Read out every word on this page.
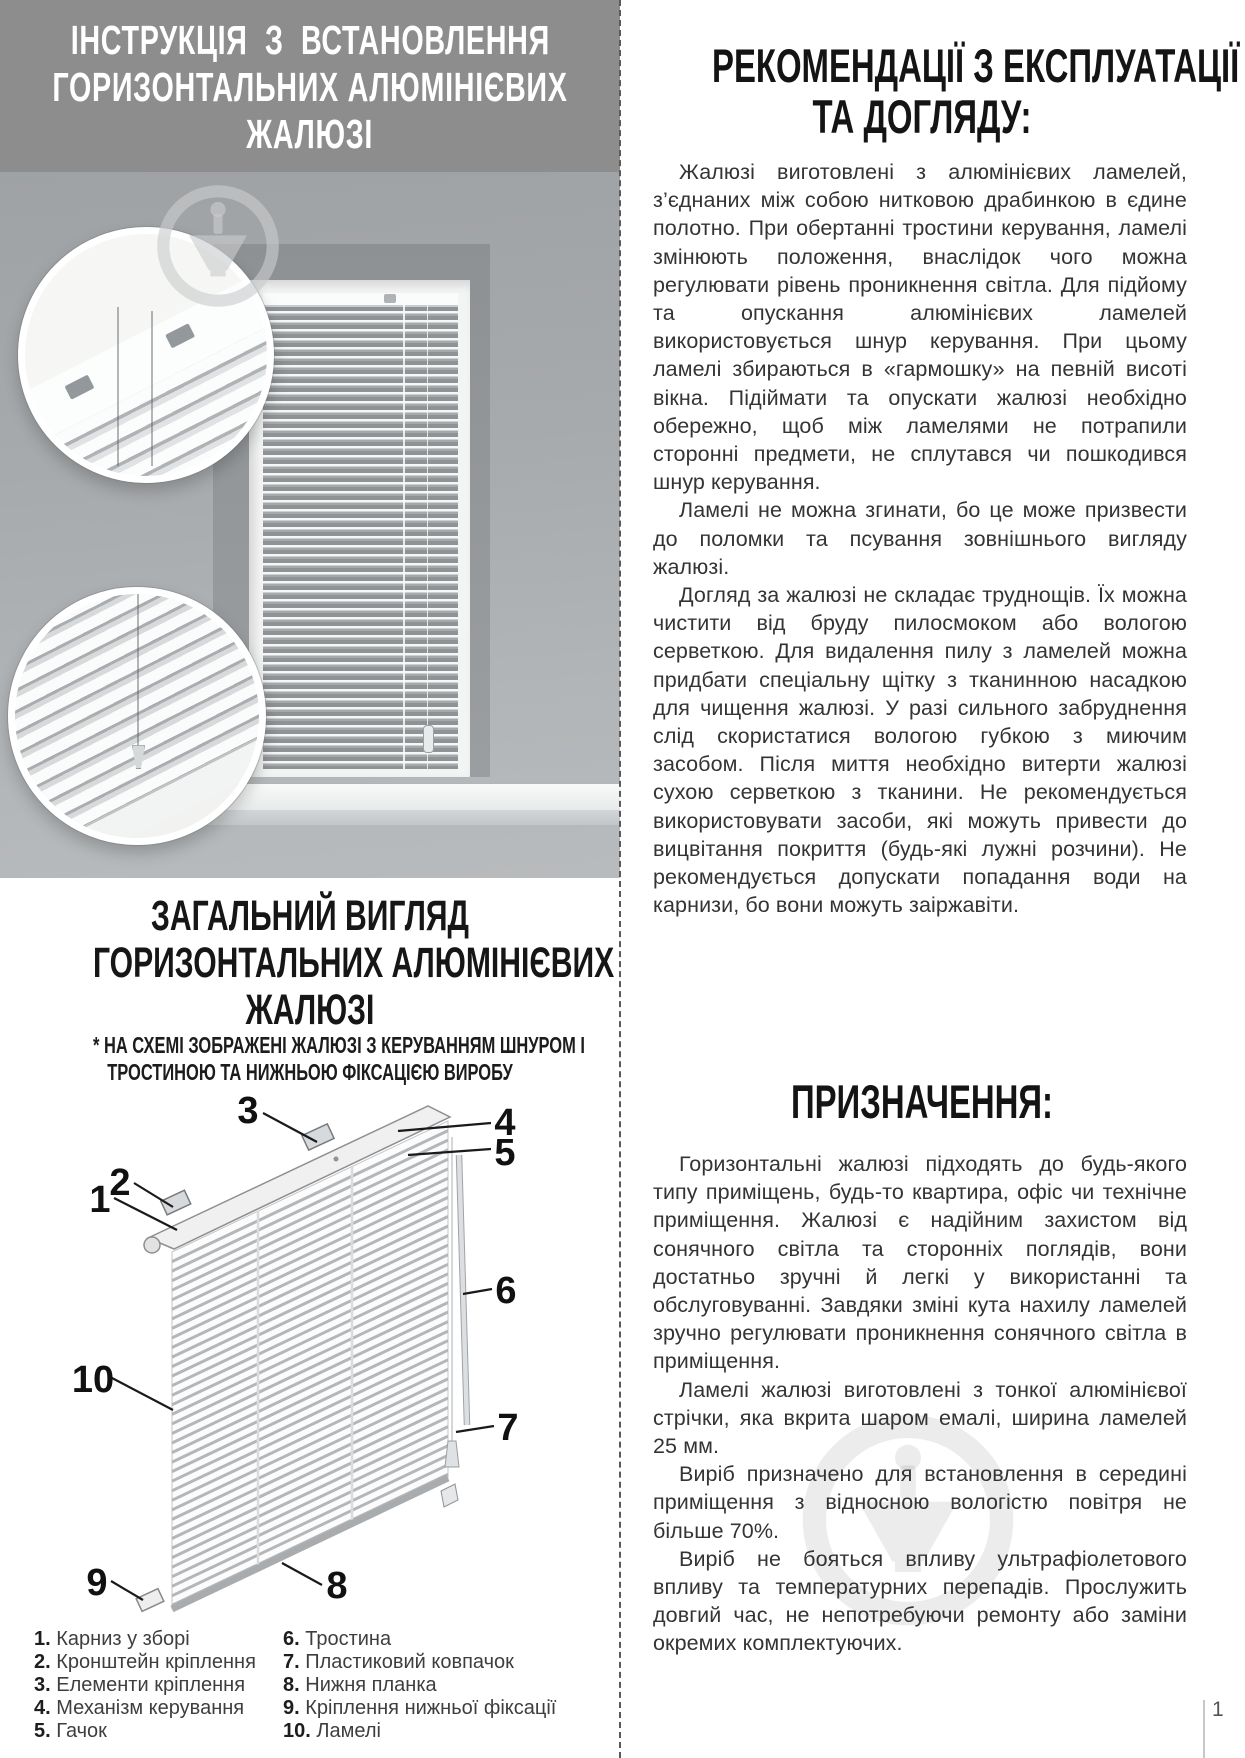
ІНСТРУКЦІЯ  З  ВСТАНОВЛЕННЯ
ГОРИЗОНТАЛЬНИХ АЛЮМІНІЄВИХ
ЖАЛЮЗІ
ЗАГАЛЬНИЙ ВИГЛЯД
ГОРИЗОНТАЛЬНИХ АЛЮМІНІЄВИХ
ЖАЛЮЗІ
* НА СХЕМІ ЗОБРАЖЕНІ ЖАЛЮЗІ З КЕРУВАННЯМ ШНУРОМ І
ТРОСТИНОЮ ТА НИЖНЬОЮ ФІКСАЦІЄЮ ВИРОБУ
3	4
5
2
1
6
10
7
9	8
1. Карниз у зборі
2. Кронштейн кріплення
3. Елементи кріплення
4. Механізм керування
5. Гачок
6. Тростина
7. Пластиковий ковпачок
8. Нижня планка
9. Кріплення нижньої фіксації
10. Ламелі
РЕКОМЕНДАЦІЇ З ЕКСПЛУАТАЦІЇ
ТА ДОГЛЯДУ:

Жалюзі виготовлені з алюмінієвих ламелей, з’єднаних між собою нитковою драбинкою в єдине полотно. При обертанні тростини керування, ламелі змінюють положення, внаслідок чого можна регулювати рівень проникнення світла. Для підйому та опускання алюмінієвих ламелей використовується шнур керування. При цьому ламелі збираються в «гармошку» на певній висоті вікна. Підіймати та опускати жалюзі необхідно обережно, щоб між ламелями не потрапили сторонні предмети, не сплутався чи пошкодився шнур керування.

Ламелі не можна згинати, бо це може призвести до поломки та псування зовнішнього вигляду жалюзі.

Догляд за жалюзі не складає труднощів. Їх можна чистити від бруду пилосмоком або вологою серветкою. Для видалення пилу з ламелей можна придбати спеціальну щітку з тканинною насадкою для чищення жалюзі. У разі сильного забруднення слід скористатися вологою губкою з миючим засобом. Після миття необхідно витерти жалюзі сухою серветкою з тканини. Не рекомендується використовувати засоби, які можуть привести до вицвітання покриття (будь-які лужні розчини). Не рекомендується допускати попадання води на карнизи, бо вони можуть заіржавіти.

ПРИЗНАЧЕННЯ:

Горизонтальні жалюзі підходять до будь-якого типу приміщень, будь-то квартира, офіс чи технічне приміщення. Жалюзі є надійним захистом від сонячного світла та сторонніх поглядів, вони достатньо зручні й легкі у використанні та обслуговуванні. Завдяки зміні кута нахилу ламелей зручно регулювати проникнення сонячного світла в приміщення.

Ламелі жалюзі виготовлені з тонкої алюмінієвої стрічки, яка вкрита шаром емалі, ширина ламелей 25 мм.

Виріб призначено для встановлення в середині приміщення з відносною вологістю повітря не більше 70%.

Виріб не бояться впливу ультрафіолетового впливу та температурних перепадів. Прослужить довгий час, не непотребуючи ремонту або заміни окремих комплектуючих.

1
